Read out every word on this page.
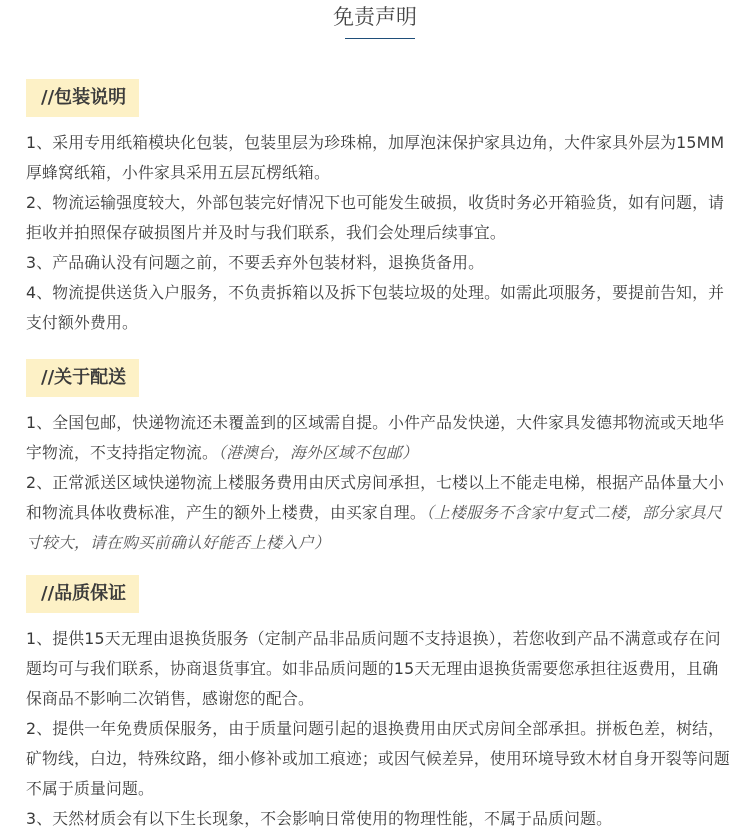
免责声明
//包装说明

1、采用专用纸箱模块化包装，包装里层为珍珠棉，加厚泡沫保护家具边角，大件家具外层为15MM厚蜂窝纸箱，小件家具采用五层瓦楞纸箱。

2、物流运输强度较大，外部包装完好情况下也可能发生破损，收货时务必开箱验货，如有问题，请拒收并拍照保存破损图片并及时与我们联系，我们会处理后续事宜。

3、产品确认没有问题之前，不要丢弃外包装材料，退换货备用。

4、物流提供送货入户服务，不负责拆箱以及拆下包装垃圾的处理。如需此项服务，要提前告知，并支付额外费用。

//关于配送

1、全国包邮，快递物流还未覆盖到的区域需自提。小件产品发快递，大件家具发德邦物流或天地华宇物流，不支持指定物流。（港澳台，海外区域不包邮）

2、正常派送区域快递物流上楼服务费用由厌式房间承担，七楼以上不能走电梯，根据产品体量大小和物流具体收费标准，产生的额外上楼费，由买家自理。（上楼服务不含家中复式二楼，部分家具尺寸较大，请在购买前确认好能否上楼入户）

//品质保证

1、提供15天无理由退换货服务（定制产品非品质问题不支持退换），若您收到产品不满意或存在问题均可与我们联系，协商退货事宜。如非品质问题的15天无理由退换货需要您承担往返费用，且确保商品不影响二次销售，感谢您的配合。

2、提供一年免费质保服务，由于质量问题引起的退换费用由厌式房间全部承担。拼板色差，树结，矿物线，白边，特殊纹路，细小修补或加工痕迹；或因气候差异，使用环境导致木材自身开裂等问题不属于质量问题。

3、天然材质会有以下生长现象，不会影响日常使用的物理性能，不属于品质问题。
